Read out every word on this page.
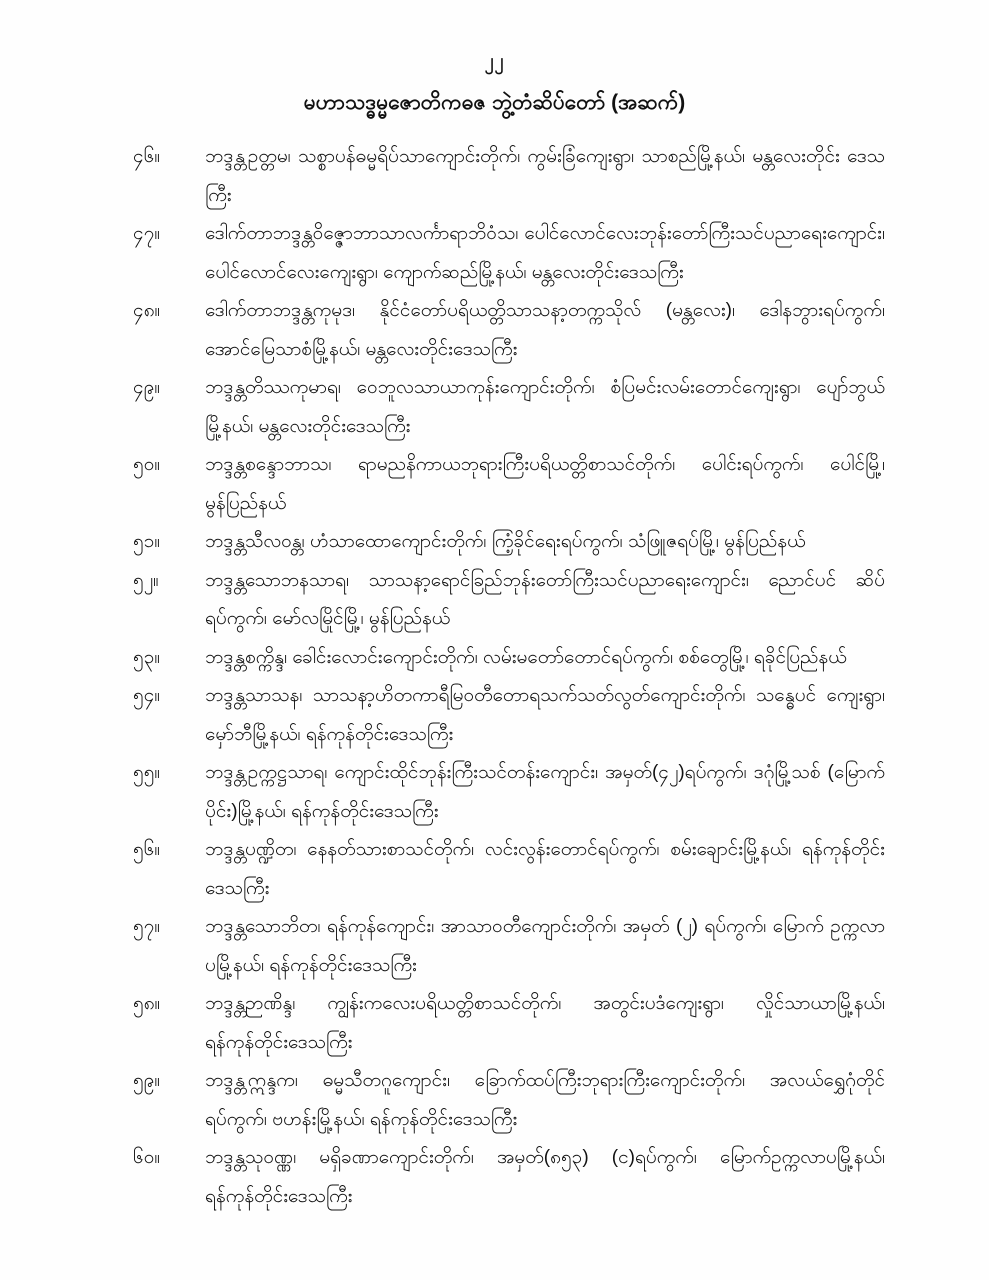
၂၂
မဟာသဒ္ဓမ္မဇောတိကဓဇ ဘွဲ့တံဆိပ်တော် (အဆက်)
၄၆။	ဘဒ္ဒန္တဥတ္တမ၊ သစ္စာပန်ဓမ္မရိပ်သာကျောင်းတိုက်၊ ကွမ်းခြံကျေးရွာ၊ သာစည်မြို့နယ်၊ မန္တလေးတိုင်း ဒေသကြီး
၄၇။	ဒေါက်တာဘဒ္ဒန္တဝိဇ္ဇောဘာသာလင်္ကာရာဘိဝံသ၊ ပေါင်လောင်လေးဘုန်းတော်ကြီးသင်ပညာရေးကျောင်း၊ ပေါင်လောင်လေးကျေးရွာ၊ ကျောက်ဆည်မြို့နယ်၊ မန္တလေးတိုင်းဒေသကြီး
၄၈။	ဒေါက်တာဘဒ္ဒန္တကုမုဒ၊ နိုင်ငံတော်ပရိယတ္တိသာသနာ့တက္ကသိုလ် (မန္တလေး)၊ ဒေါနဘွားရပ်ကွက်၊ အောင်မြေသာစံမြို့နယ်၊ မန္တလေးတိုင်းဒေသကြီး
၄၉။	ဘဒ္ဒန္တတိဿကုမာရ၊ ဝေဘူလသာယာကုန်းကျောင်းတိုက်၊ စံပြမင်းလမ်းတောင်ကျေးရွာ၊ ပျော်ဘွယ်မြို့နယ်၊ မန္တလေးတိုင်းဒေသကြီး
၅၀။	ဘဒ္ဒန္တစန္ဒောဘာသ၊ ရာမညနိကာယဘုရားကြီးပရိယတ္တိစာသင်တိုက်၊ ပေါင်းရပ်ကွက်၊ ပေါင်မြို့၊ မွန်ပြည်နယ်
၅၁။	ဘဒ္ဒန္တသီလဝန္တ၊ ဟံသာထောကျောင်းတိုက်၊ ကြံ့ခိုင်ရေးရပ်ကွက်၊ သံဖြူဇရပ်မြို့၊ မွန်ပြည်နယ်
၅၂။	ဘဒ္ဒန္တသောဘနသာရ၊ သာသနာ့ရောင်ခြည်ဘုန်းတော်ကြီးသင်ပညာရေးကျောင်း၊ ညောင်ပင် ဆိပ်ရပ်ကွက်၊ မော်လမြိုင်မြို့၊ မွန်ပြည်နယ်
၅၃။	ဘဒ္ဒန္တစက္ကိန္ဒ၊ ခေါင်းလောင်းကျောင်းတိုက်၊ လမ်းမတော်တောင်ရပ်ကွက်၊ စစ်တွေမြို့၊ ရခိုင်ပြည်နယ်
၅၄။	ဘဒ္ဒန္တသာသန၊ သာသနာ့ဟိတကာရီမြဝတီတောရသက်သတ်လွတ်ကျောင်းတိုက်၊ သန္ဓေပင် ကျေးရွာ၊ မှော်ဘီမြို့နယ်၊ ရန်ကုန်တိုင်းဒေသကြီး
၅၅။	ဘဒ္ဒန္တဥက္ကဋ္ဌသာရ၊ ကျောင်းထိုင်ဘုန်းကြီးသင်တန်းကျောင်း၊ အမှတ်(၄၂)ရပ်ကွက်၊ ဒဂုံမြို့သစ် (မြောက်ပိုင်း)မြို့နယ်၊ ရန်ကုန်တိုင်းဒေသကြီး
၅၆။	ဘဒ္ဒန္တပဏ္ဍိတ၊ နေနတ်သားစာသင်တိုက်၊ လင်းလွန်းတောင်ရပ်ကွက်၊ စမ်းချောင်းမြို့နယ်၊ ရန်ကုန်တိုင်းဒေသကြီး
၅၇။	ဘဒ္ဒန္တသောဘိတ၊ ရန်ကုန်ကျောင်း၊ အာသာဝတီကျောင်းတိုက်၊ အမှတ် (၂) ရပ်ကွက်၊ မြောက် ဥက္ကလာပမြို့နယ်၊ ရန်ကုန်တိုင်းဒေသကြီး
၅၈။	ဘဒ္ဒန္တဉာဏိန္ဒ၊ ကျွန်းကလေးပရိယတ္တိစာသင်တိုက်၊ အတွင်းပဒံကျေးရွာ၊ လှိုင်သာယာမြို့နယ်၊ ရန်ကုန်တိုင်းဒေသကြီး
၅၉။	ဘဒ္ဒန္တဣန္ဒက၊ ဓမ္မသီတဂူကျောင်း၊ ခြောက်ထပ်ကြီးဘုရားကြီးကျောင်းတိုက်၊ အလယ်ရွှေဂုံတိုင် ရပ်ကွက်၊ ဗဟန်းမြို့နယ်၊ ရန်ကုန်တိုင်းဒေသကြီး
၆၀။	ဘဒ္ဒန္တသုဝဏ္ဏ၊ မရှိခဏာကျောင်းတိုက်၊ အမှတ်(၈၅၃) (င)ရပ်ကွက်၊ မြောက်ဥက္ကလာပမြို့နယ်၊ ရန်ကုန်တိုင်းဒေသကြီး
